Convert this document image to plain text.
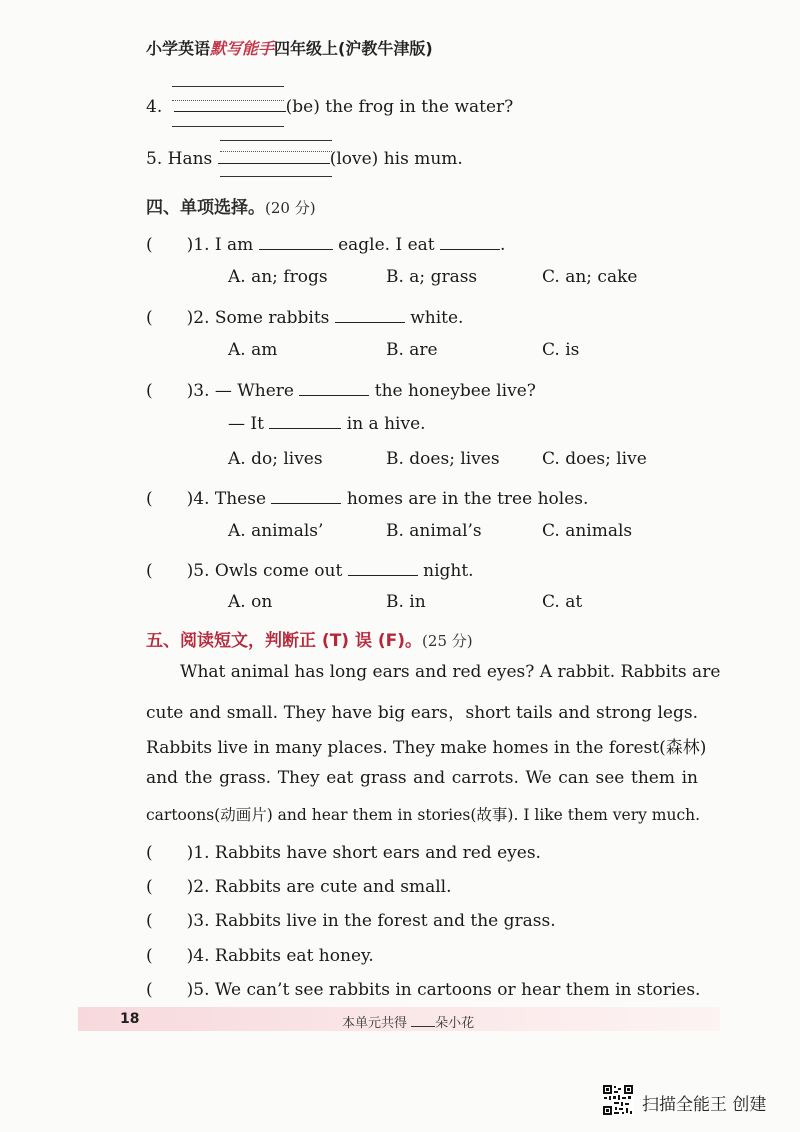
小学英语默写能手四年级上(沪教牛津版)
4.	(be) the frog in the water?
5. Hans	(love) his mum.
四、单项选择。(20 分)
(　　)1. I am	eagle. I eat	.
A. an; frogs	B. a; grass	C. an; cake
(　　)2. Some rabbits	white.
A. am	B. are	C. is
(　　)3. — Where	the honeybee live?
— It	in a hive.
A. do; lives	B. does; lives C. does; live
(　　)4. These	homes are in the tree holes.
A. animals’	B. animal’s	C. animals
(　　)5. Owls come out	night.
A. on	B. in	C. at
五、阅读短文，判断正 (T) 误 (F)。(25 分)
What animal has long ears and red eyes? A rabbit. Rabbits are
cute and small. They have big ears，short tails and strong legs.
Rabbits live in many places. They make homes in the forest(森林)
and the grass. They eat grass and carrots. We can see them in
cartoons(动画片) and hear them in stories(故事). I like them very much.
(　　)1. Rabbits have short ears and red eyes.
(　　)2. Rabbits are cute and small.
(　　)3. Rabbits live in the forest and the grass.
(　　)4. Rabbits eat honey.
(　　)5. We can’t see rabbits in cartoons or hear them in stories.
18	本单元共得 朵小花
扫描全能王 创建
